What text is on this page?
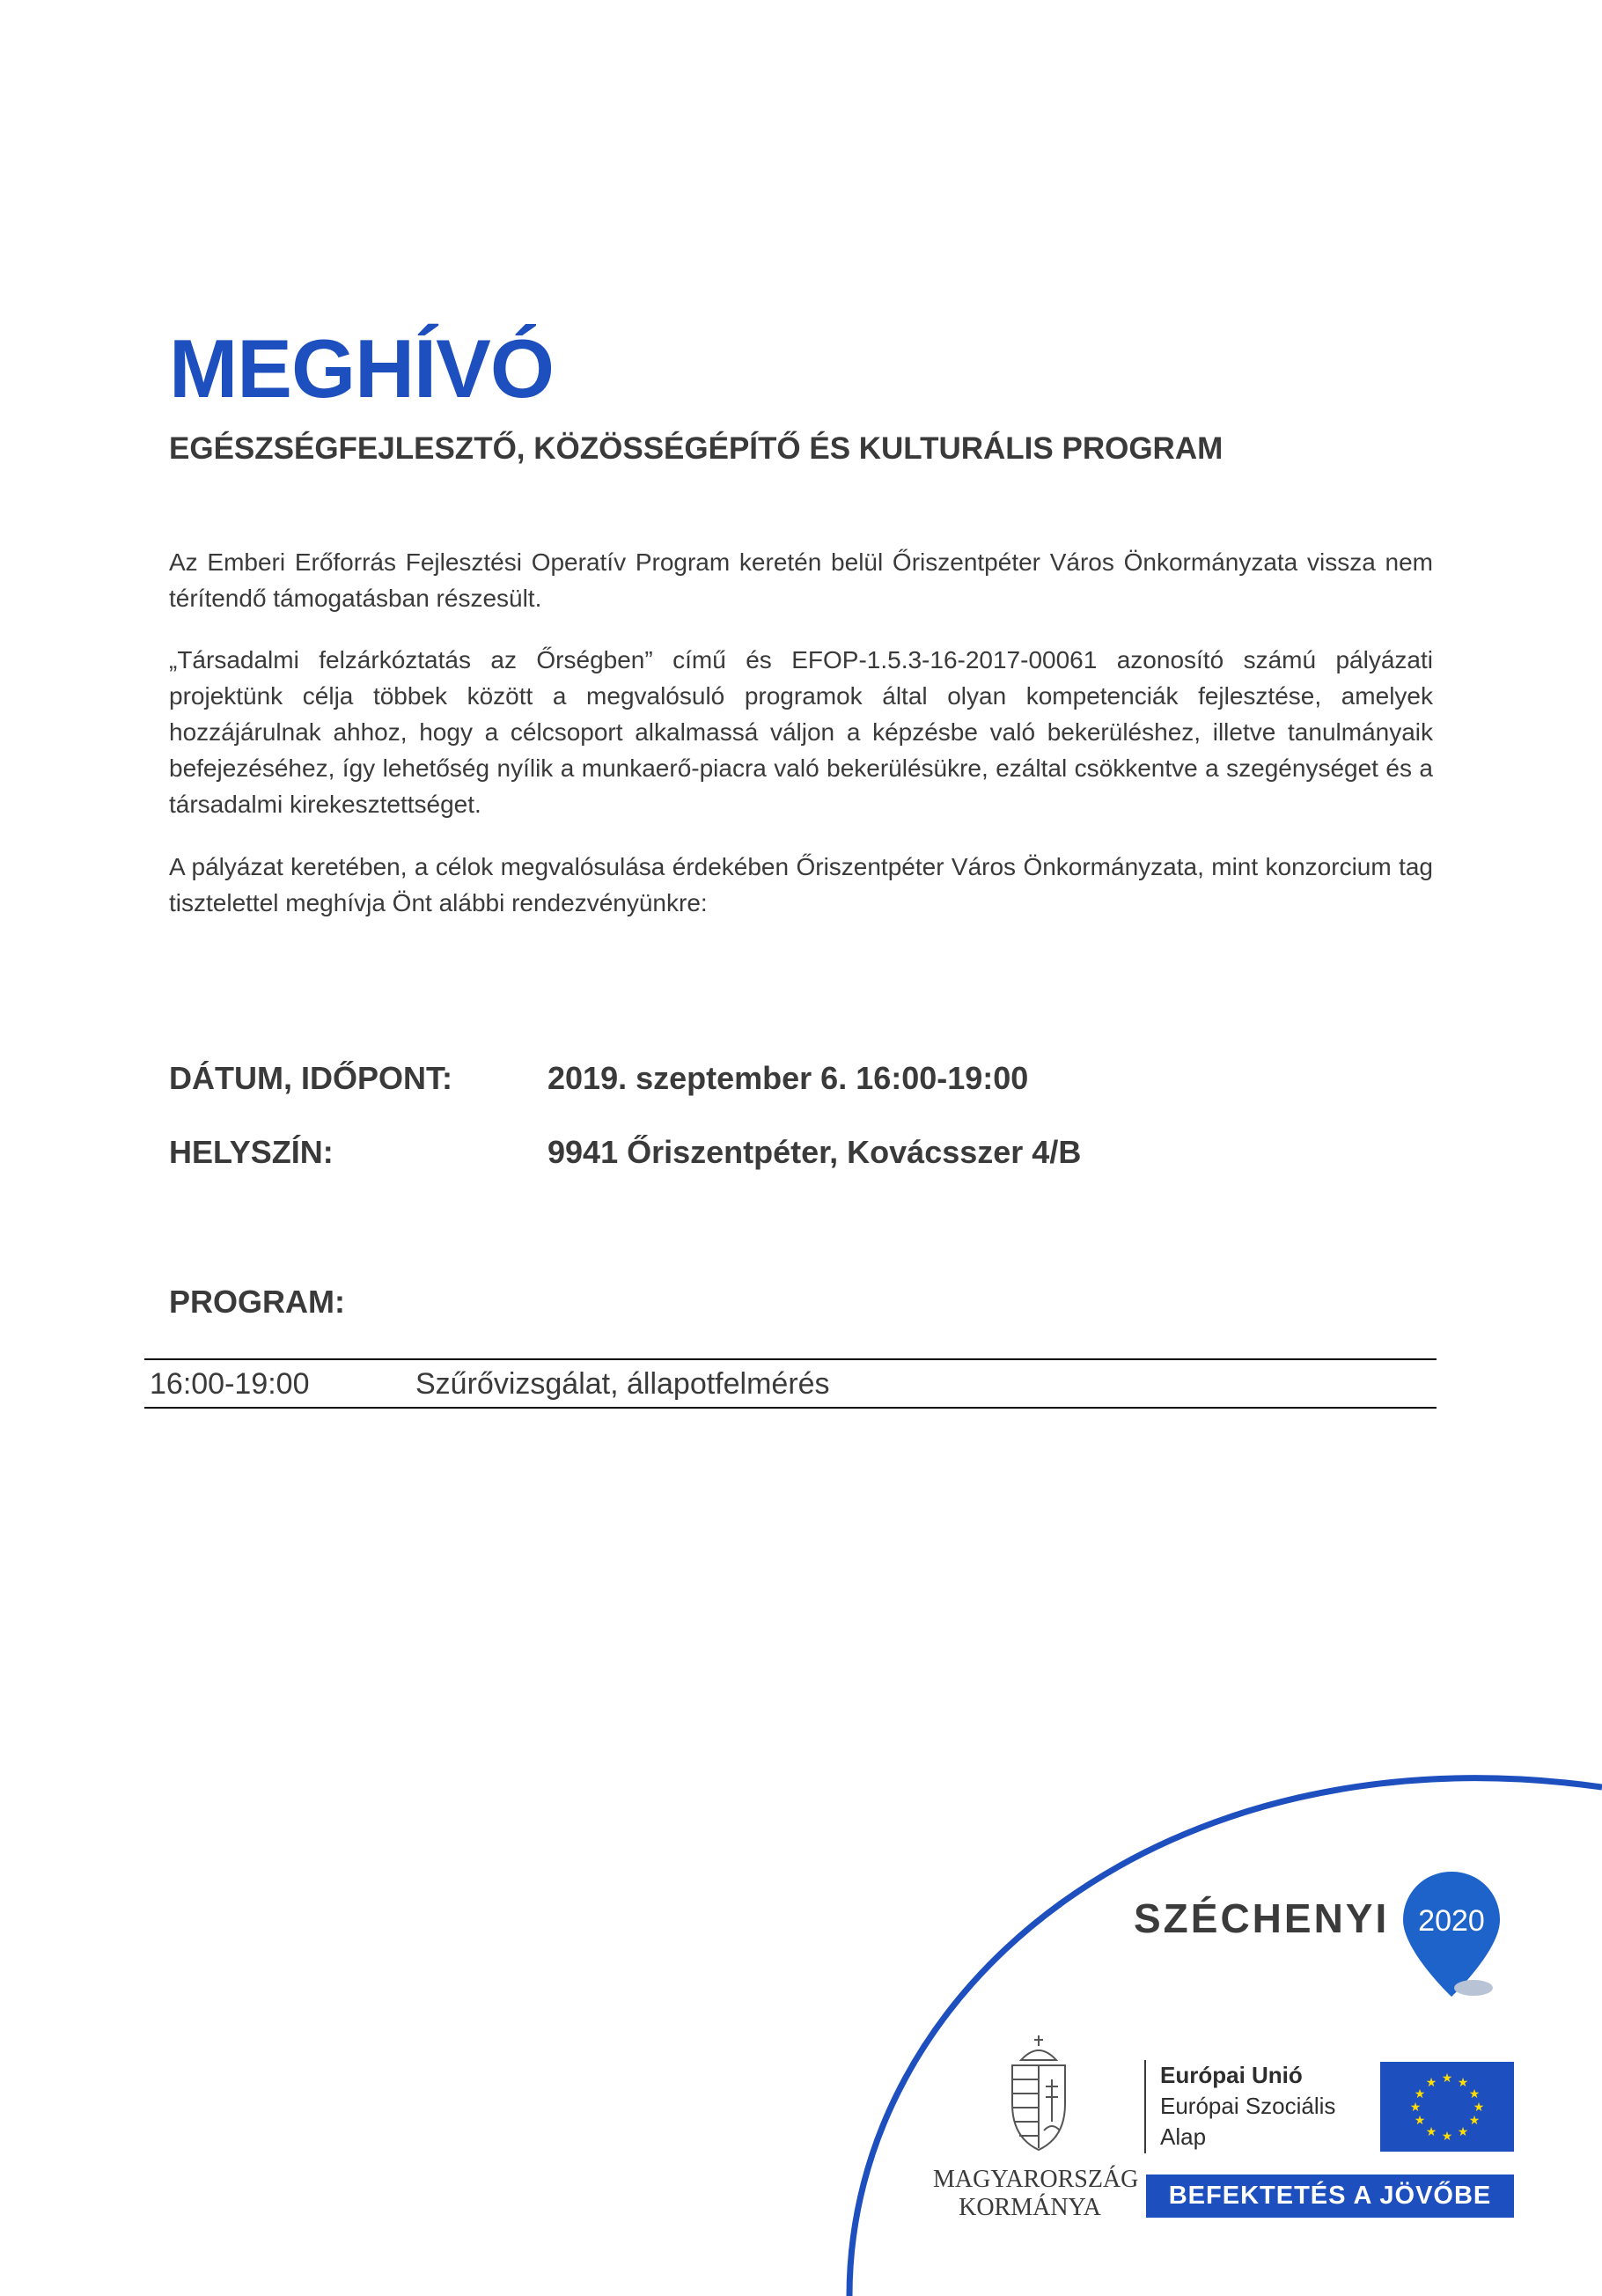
MEGHÍVÓ
EGÉSZSÉGFEJLESZTŐ, KÖZÖSSÉGÉPÍTŐ ÉS KULTURÁLIS PROGRAM

Az Emberi Erőforrás Fejlesztési Operatív Program keretén belül Őriszentpéter Város Önkormányzata vissza nem térítendő támogatásban részesült.

„Társadalmi felzárkóztatás az Őrségben” című és EFOP-1.5.3-16-2017-00061 azonosító számú pályázati projektünk célja többek között a megvalósuló programok által olyan kompetenciák fejlesztése, amelyek hozzájárulnak ahhoz, hogy a célcsoport alkalmassá váljon a képzésbe való bekerüléshez, illetve tanulmányaik befejezéséhez, így lehetőség nyílik a munkaerő-piacra való bekerülésükre, ezáltal csökkentve a szegénységet és a társadalmi kirekesztettséget.

A pályázat keretében, a célok megvalósulása érdekében Őriszentpéter Város Önkormányzata, mint konzorcium tag tisztelettel meghívja Önt alábbi rendezvényünkre:

DÁTUM, IDŐPONT:	2019. szeptember 6. 16:00-19:00
HELYSZÍN:	9941 Őriszentpéter, Kovácsszer 4/B
PROGRAM:
16:00-19:00	Szűrővizsgálat, állapotfelmérés
SZÉCHENYI 2020
MAGYARORSZÁG
KORMÁNYA
Európai Unió
Európai Szociális
Alap
★ ★
★
★
★
★
★
★
★
★
★
★
BEFEKTETÉS A JÖVŐBE
